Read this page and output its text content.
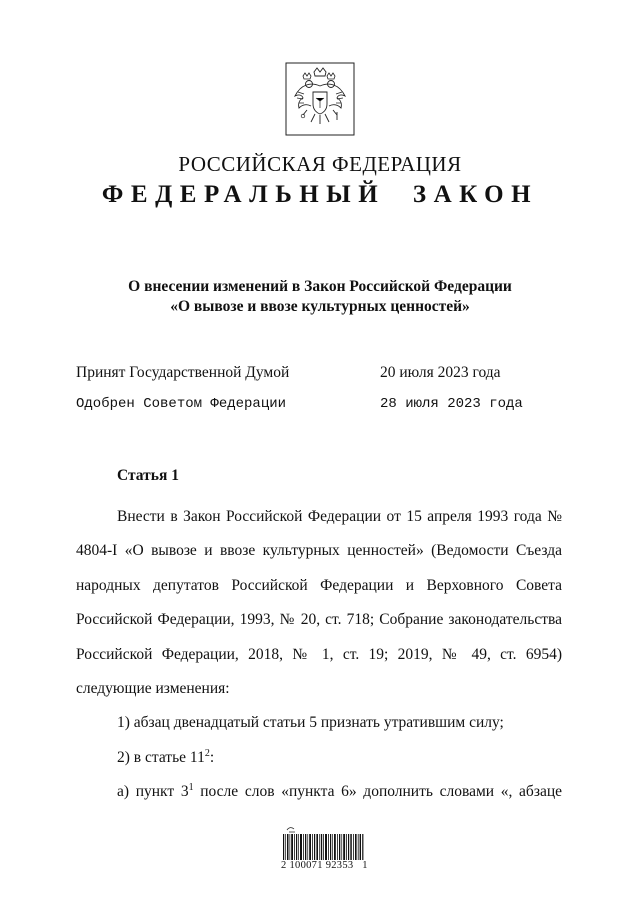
РОССИЙСКАЯ ФЕДЕРАЦИЯ
ФЕДЕРАЛЬНЫЙ ЗАКОН
О внесении изменений в Закон Российской Федерации
«О вывозе и ввозе культурных ценностей»
Принят Государственной Думой	20 июля 2023 года
Одобрен Советом Федерации	28 июля 2023 года
Статья 1

Внести в Закон Российской Федерации от 15 апреля 1993 года № 4804-I «О вывозе и ввозе культурных ценностей» (Ведомости Съезда народных депутатов Российской Федерации и Верховного Совета Российской Федерации, 1993, № 20, ст. 718; Собрание законодательства Российской Федерации, 2018, № 1, ст. 19; 2019, № 49, ст. 6954) следующие изменения:

1) абзац двенадцатый статьи 5 признать утратившим силу;

2) в статье $11^2$:

а) пункт $3^1$ после слов «пункта 6» дополнить словами «, абзаце

2 100071 92353   1
